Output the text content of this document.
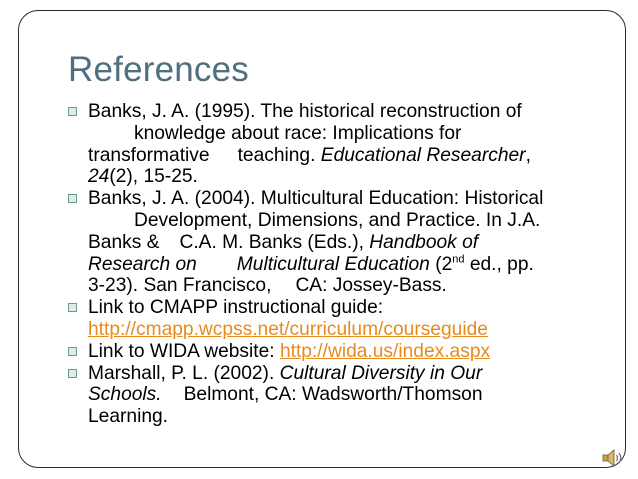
References
Banks, J. A. (1995). The historical reconstruction of
knowledge about race: Implications for
transformative teaching. Educational Researcher,
24(2), 15-25.
Banks, J. A. (2004). Multicultural Education: Historical
Development, Dimensions, and Practice. In J.A.
Banks & C.A. M. Banks (Eds.), Handbook of
Research on Multicultural Education (2nd ed., pp.
3-23). San Francisco, CA: Jossey-Bass.
Link to CMAPP instructional guide:
http://cmapp.wcpss.net/curriculum/courseguide
Link to WIDA website: http://wida.us/index.aspx
Marshall, P. L. (2002). Cultural Diversity in Our
Schools. Belmont, CA: Wadsworth/Thomson
Learning.
